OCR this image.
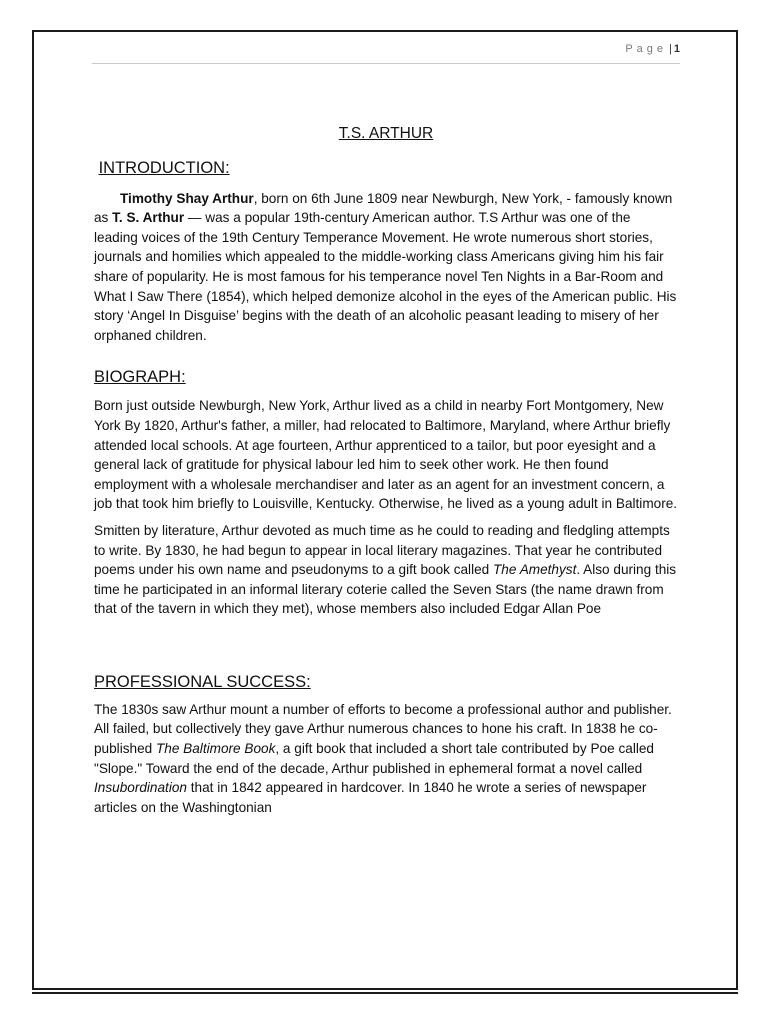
Page | 1

T.S. ARTHUR

INTRODUCTION:

Timothy Shay Arthur, born on 6th June 1809 near Newburgh, New York, - famously known as T. S. Arthur — was a popular 19th-century American author. T.S Arthur was one of the leading voices of the 19th Century Temperance Movement. He wrote numerous short stories, journals and homilies which appealed to the middle-working class Americans giving him his fair share of popularity. He is most famous for his temperance novel Ten Nights in a Bar-Room and What I Saw There (1854), which helped demonize alcohol in the eyes of the American public. His story ‘Angel In Disguise’ begins with the death of an alcoholic peasant leading to misery of her orphaned children.

BIOGRAPH:

Born just outside Newburgh, New York, Arthur lived as a child in nearby Fort Montgomery, New York By 1820, Arthur's father, a miller, had relocated to Baltimore, Maryland, where Arthur briefly attended local schools. At age fourteen, Arthur apprenticed to a tailor, but poor eyesight and a general lack of gratitude for physical labour led him to seek other work. He then found employment with a wholesale merchandiser and later as an agent for an investment concern, a job that took him briefly to Louisville, Kentucky. Otherwise, he lived as a young adult in Baltimore.

Smitten by literature, Arthur devoted as much time as he could to reading and fledgling attempts to write. By 1830, he had begun to appear in local literary magazines. That year he contributed poems under his own name and pseudonyms to a gift book called The Amethyst. Also during this time he participated in an informal literary coterie called the Seven Stars (the name drawn from that of the tavern in which they met), whose members also included Edgar Allan Poe

PROFESSIONAL SUCCESS:

The 1830s saw Arthur mount a number of efforts to become a professional author and publisher. All failed, but collectively they gave Arthur numerous chances to hone his craft. In 1838 he co-published The Baltimore Book, a gift book that included a short tale contributed by Poe called "Slope." Toward the end of the decade, Arthur published in ephemeral format a novel called Insubordination that in 1842 appeared in hardcover. In 1840 he wrote a series of newspaper articles on the Washingtonian
